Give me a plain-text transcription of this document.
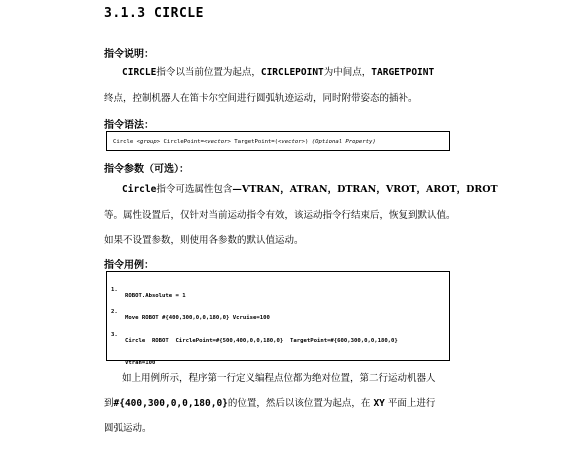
3.1.3 CIRCLE
指令说明：
CIRCLE指令以当前位置为起点，CIRCLEPOINT为中间点，TARGETPOINT
终点，控制机器人在笛卡尔空间进行圆弧轨迹运动，同时附带姿态的插补。
指令语法：
Circle <group> CirclePoint=<vector> TargetPoint=(<vector>) (Optional Property)
指令参数（可选）：
Circle指令可选属性包含—VTRAN，ATRAN，DTRAN，VROT，AROT，DROT
等。属性设置后，仅针对当前运动指令有效，该运动指令行结束后，恢复到默认值。
如果不设置参数，则使用各参数的默认值运动。
指令用例：

1.

ROBOT.Absolute = 1

2.

Move ROBOT #{400,300,0,0,180,0} Vcruise=100

3.

Circle  ROBOT  CirclePoint=#{500,400,0,0,180,0}  TargetPoint=#{600,300,0,0,180,0}

Vtran=100

如上用例所示，程序第一行定义编程点位都为绝对位置，第二行运动机器人
到#{400,300,0,0,180,0}的位置，然后以该位置为起点，在 XY 平面上进行
圆弧运动。
